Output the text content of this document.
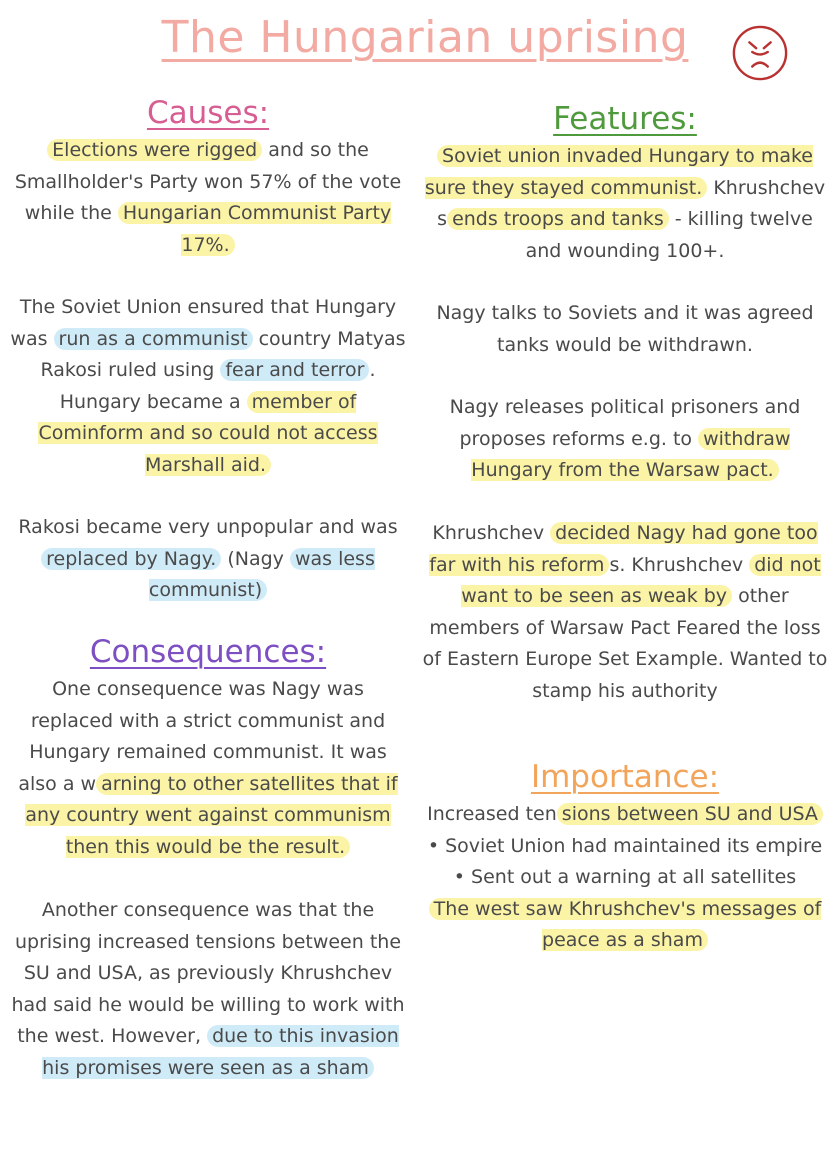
The Hungarian uprising

Causes:

Elections were rigged and so the Smallholder's Party won 57% of the vote while the Hungarian Communist Party 17%.

The Soviet Union ensured that Hungary was run as a communist country Matyas Rakosi ruled using fear and terror . Hungary became a member of Cominform and so could not access Marshall aid.

Rakosi became very unpopular and was replaced by Nagy. (Nagy was less communist)

Consequences:

One consequence was Nagy was replaced with a strict communist and Hungary remained communist. It was also a w arning to other satellites that if any country went against communism then this would be the result.

Another consequence was that the uprising increased tensions between the SU and USA, as previously Khrushchev had said he would be willing to work with the west. However, due to this invasion his promises were seen as a sham

Features:

Soviet union invaded Hungary to make sure they stayed communist. Khrushchev s ends troops and tanks - killing twelve and wounding 100+.

Nagy talks to Soviets and it was agreed tanks would be withdrawn.

Nagy releases political prisoners and proposes reforms e.g. to withdraw Hungary from the Warsaw pact.

Khrushchev decided Nagy had gone too far with his reform s. Khrushchev did not want to be seen as weak by other members of Warsaw Pact Feared the loss of Eastern Europe Set Example. Wanted to stamp his authority

Importance:

Increased ten sions between SU and USA

• Soviet Union had maintained its empire

• Sent out a warning at all satellites

The west saw Khrushchev's messages of peace as a sham
